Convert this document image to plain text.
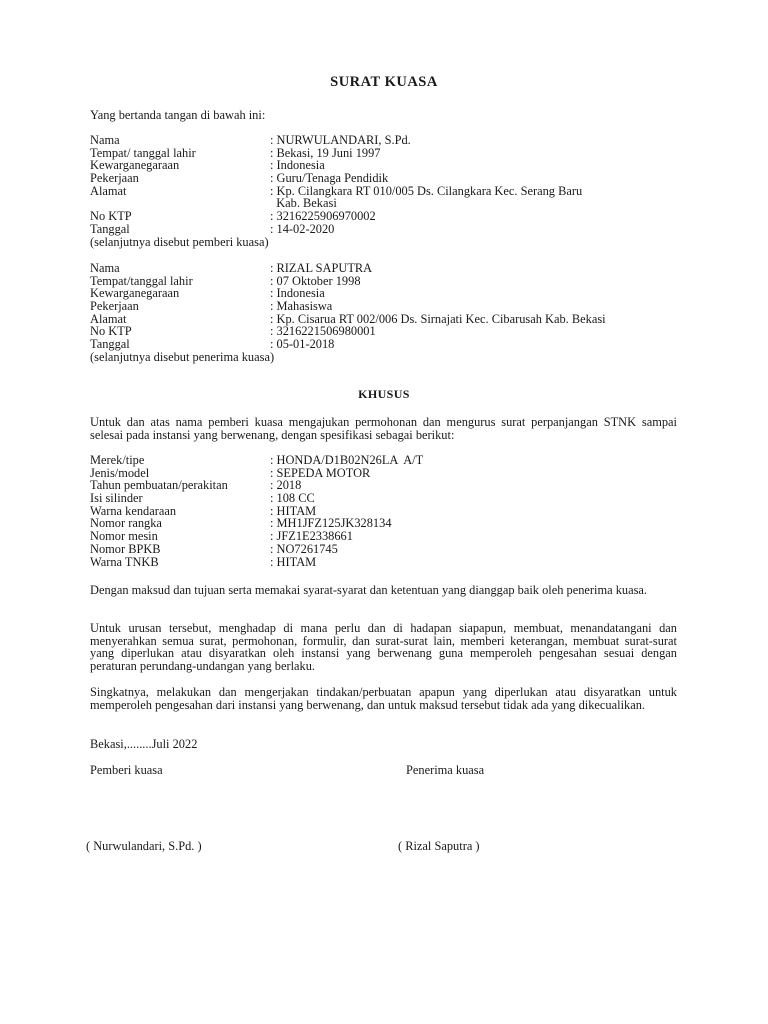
SURAT KUASA
Yang bertanda tangan di bawah ini:
Nama	: NURWULANDARI, S.Pd.
Tempat/ tanggal lahir	: Bekasi, 19 Juni 1997
Kewarganegaraan	: Indonesia
Pekerjaan	: Guru/Tenaga Pendidik
Alamat	: Kp. Cilangkara RT 010/005 Ds. Cilangkara Kec. Serang Baru
Kab. Bekasi
No KTP	: 3216225906970002
Tanggal	: 14-02-2020
(selanjutnya disebut pemberi kuasa)
Nama	: RIZAL SAPUTRA
Tempat/tanggal lahir	: 07 Oktober 1998
Kewarganegaraan	: Indonesia
Pekerjaan	: Mahasiswa
Alamat	: Kp. Cisarua RT 002/006 Ds. Sirnajati Kec. Cibarusah Kab. Bekasi
No KTP	: 3216221506980001
Tanggal	: 05-01-2018
(selanjutnya disebut penerima kuasa)
KHUSUS
Untuk dan atas nama pemberi kuasa mengajukan permohonan dan mengurus surat perpanjangan STNK sampai selesai pada instansi yang berwenang, dengan spesifikasi sebagai berikut:
Merek/tipe	: HONDA/D1B02N26LA  A/T
Jenis/model	: SEPEDA MOTOR
Tahun pembuatan/perakitan	: 2018
Isi silinder	: 108 CC
Warna kendaraan	: HITAM
Nomor rangka	: MH1JFZ125JK328134
Nomor mesin	: JFZ1E2338661
Nomor BPKB	: NO7261745
Warna TNKB	: HITAM
Dengan maksud dan tujuan serta memakai syarat-syarat dan ketentuan yang dianggap baik oleh penerima kuasa.
Untuk urusan tersebut, menghadap di mana perlu dan di hadapan siapapun, membuat, menandatangani dan menyerahkan semua surat, permohonan, formulir, dan surat-surat lain, memberi keterangan, membuat surat-surat yang diperlukan atau disyaratkan oleh instansi yang berwenang guna memperoleh pengesahan sesuai dengan peraturan perundang-undangan yang berlaku.
Singkatnya, melakukan dan mengerjakan tindakan/perbuatan apapun yang diperlukan atau disyaratkan untuk memperoleh pengesahan dari instansi yang berwenang, dan untuk maksud tersebut tidak ada yang dikecualikan.
Bekasi,........Juli 2022
Pemberi kuasa	Penerima kuasa
( Nurwulandari, S.Pd. )	( Rizal Saputra )
